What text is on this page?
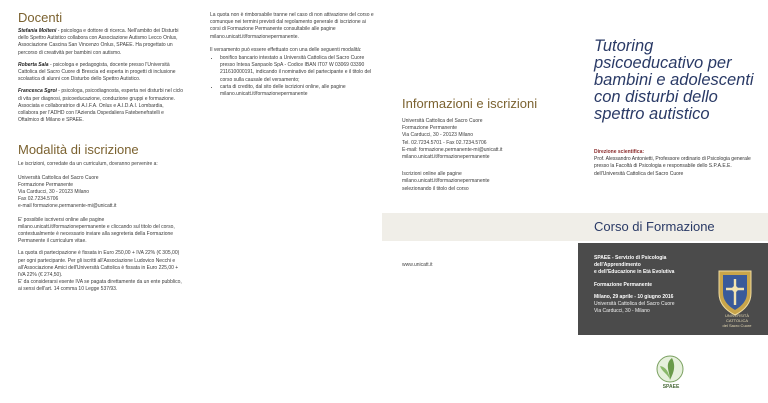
Docenti

Stefania Molteni - psicologa e dottore di ricerca. Nell'ambito dei Disturbi dello Spettro Autistico collabora con Associazione Autismo Lecco Onlus, Associazione Cascina San Vincenzo Onlus, SPAEE. Ha progettato un percorso di creatività per bambini con autismo.

Roberta Sala - psicologa e pedagogista, docente presso l'Università Cattolica del Sacro Cuore di Brescia ed esperta in progetti di inclusione scolastica di alunni con Disturbo dello Spettro Autistico.

Francesca Sgroi - psicologa, psicodiagnosta, esperta nei disturbi nel ciclo di vita per diagnosi, psicoeducazione, conduzione gruppi e formazione. Associata e collaboratrice di A.I.F.A. Onlus e A.I.D.A.I. Lombardia, collabora per l'ADHD con l'Azienda Ospedaliera Fatebenefratelli e Oftalmico di Milano e SPAEE.

Modalità di iscrizione

Le iscrizioni, corredate da un curriculum, dovranno pervenire a:

Università Cattolica del Sacro Cuore
Formazione Permanente
Via Carducci, 30 - 20123 Milano
Fax 02.7234.5706
e-mail formazione.permanente-mi@unicatt.it

E' possibile iscriversi online alle pagine milano.unicatt.it/formazionepermanente e cliccando sul titolo del corso, contestualmente è necessario inviare alla segreteria della Formazione Permanente il curriculum vitae.

La quota di partecipazione è fissata in Euro 250,00 + IVA 22% (€ 305,00) per ogni partecipante. Per gli iscritti all'Associazione Ludovico Necchi e all'Associazione Amici dell'Università Cattolica è fissata in Euro 225,00 + IVA 22% (€ 274,50).

E' da considerarsi esente IVA se pagata direttamente da un ente pubblico, ai sensi dell'art. 14 comma 10 Legge 537/93.

La quota non è rimborsabile tranne nel caso di non attivazione del corso e comunque nei termini previsti dal regolamento generale di iscrizione ai corsi di Formazione Permanente consultabile alle pagine milano.unicatt.it/formazionepermanente.

Il versamento può essere effettuato con una delle seguenti modalità:

• bonifico bancario intestato a Università Cattolica del Sacro Cuore presso Intesa Sanpaolo SpA - Codice IBAN IT07 W 03069 03390 211610000191, indicando il nominativo del partecipante e il titolo del corso sulla causale del versamento;
• carta di credito, dal sito delle iscrizioni online, alle pagine milano.unicatt.it/formazionepermanente
Informazioni e iscrizioni

Università Cattolica del Sacro Cuore
Formazione Permanente
Via Carducci, 30 - 20123 Milano
Tel. 02.7234.5701 - Fax 02.7234.5706
E-mail: formazione.permanente-mi@unicatt.it
milano.unicatt.it/formazionepermanente

Iscrizioni online alle pagine
milano.unicatt.it/formazionepermanente
selezionando il titolo del corso

www.unicatt.it
Tutoring psicoeducativo per bambini e adolescenti con disturbi dello spettro autistico
Direzione scientifica:
Prof. Alessandro Antonietti, Professore ordinario di Psicologia generale presso la Facoltà di Psicologia e responsabile dello S.P.A.E.E. dell'Università Cattolica del Sacro Cuore
Corso di Formazione
SPAEE - Servizio di Psicologia
dell'Apprendimento
e dell'Educazione in Età Evolutiva

Formazione Permanente

Milano, 29 aprile - 10 giugno 2016
Università Cattolica del Sacro Cuore
Via Carducci, 30 - Milano
UNIVERSITÀ
CATTOLICA
del Sacro Cuore
SPAEE
